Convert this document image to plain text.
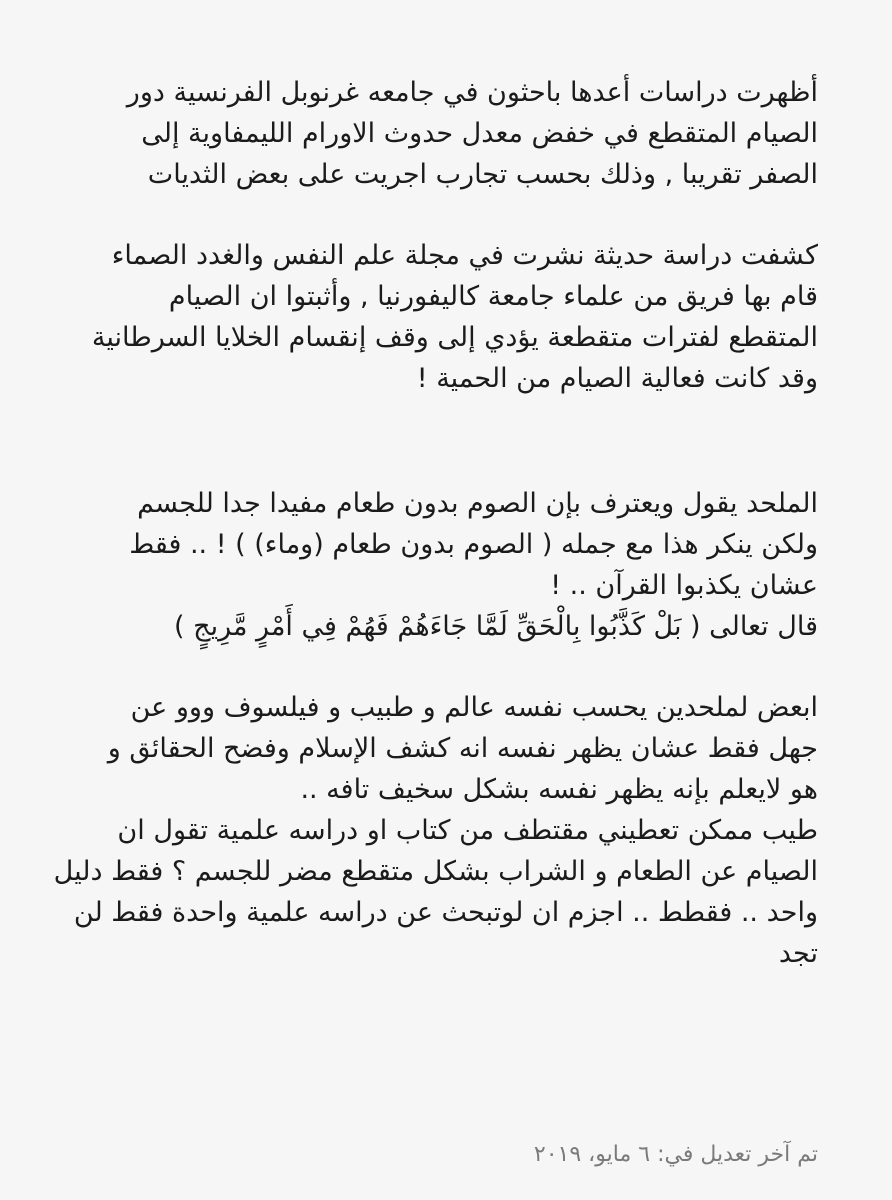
أظهرت دراسات أعدها باحثون في جامعه غرنوبل الفرنسية دور
الصيام المتقطع في خفض معدل حدوث الاورام الليمفاوية إلى
الصفر تقريبا , وذلك بحسب تجارب اجريت على بعض الثديات
كشفت دراسة حديثة نشرت في مجلة علم النفس والغدد الصماء
قام بها فريق من علماء جامعة كاليفورنيا , وأثبتوا ان الصيام
المتقطع لفترات متقطعة يؤدي إلى وقف إنقسام الخلايا السرطانية
وقد كانت فعالية الصيام من الحمية !
الملحد يقول ويعترف بإن الصوم بدون طعام مفيدا جدا للجسم
ولكن ينكر هذا مع جمله ( الصوم بدون طعام (وماء) ) ! .. فقط
عشان يكذبوا القرآن .. !
قال تعالى ( بَلْ كَذَّبُوا بِالْحَقِّ لَمَّا جَاءَهُمْ فَهُمْ فِي أَمْرٍ مَّرِيجٍ )
ابعض لملحدين يحسب نفسه عالم و طبيب و فيلسوف ووو عن
جهل فقط عشان يظهر نفسه انه كشف الإسلام وفضح الحقائق و
هو لايعلم بإنه يظهر نفسه بشكل سخيف تافه ..
طيب ممكن تعطيني مقتطف من كتاب او دراسه علمية تقول ان
الصيام عن الطعام و الشراب بشكل متقطع مضر للجسم ؟ فقط دليل
واحد .. فقطط .. اجزم ان لوتبحث عن دراسه علمية واحدة فقط لن
تجد
تم آخر تعديل في: ٦ مايو، ٢٠١٩
